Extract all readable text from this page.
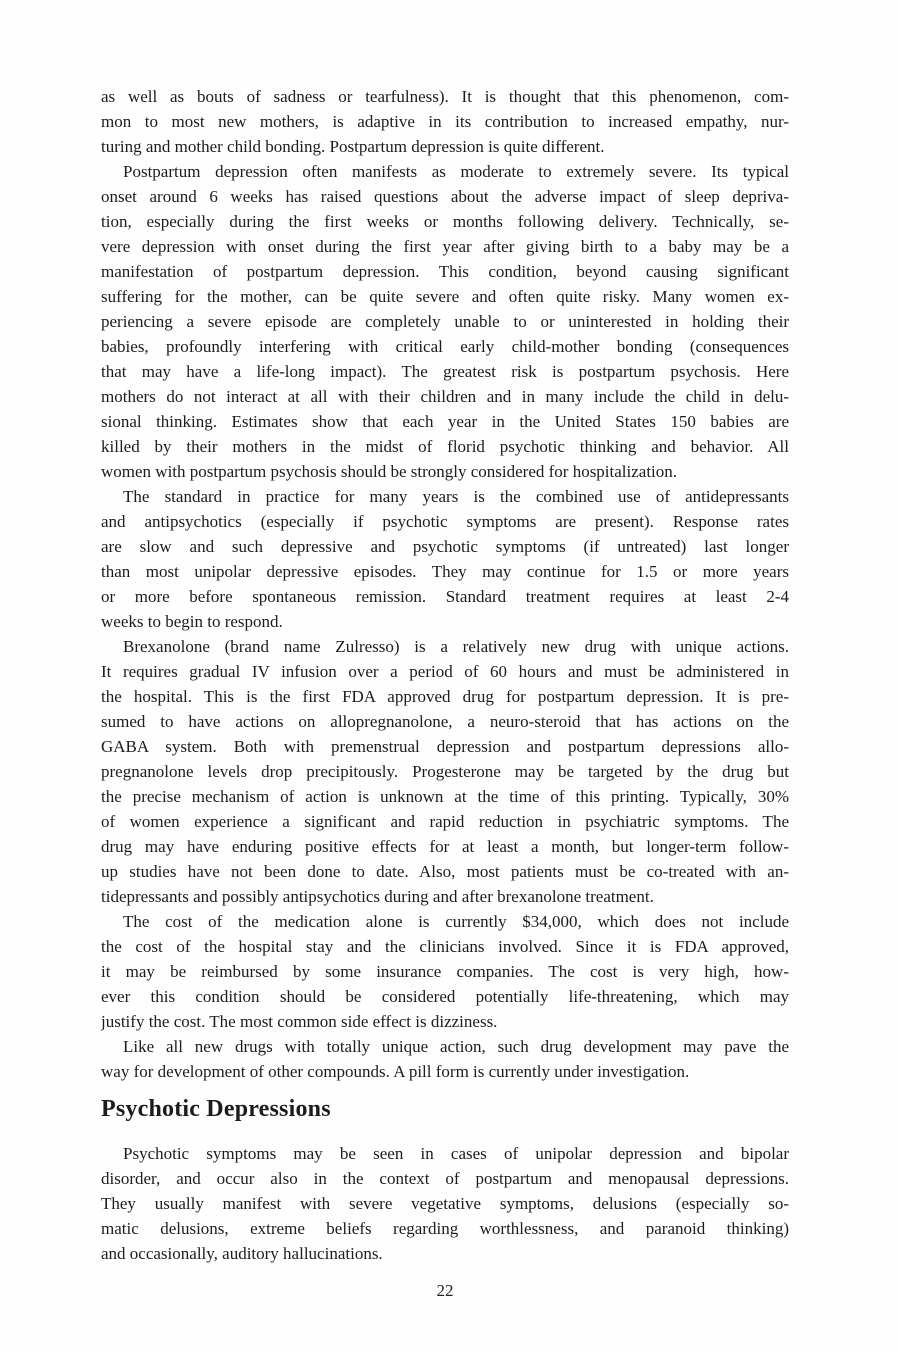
as well as bouts of sadness or tearfulness). It is thought that this phenomenon, com-
mon to most new mothers, is adaptive in its contribution to increased empathy, nur-
turing and mother child bonding. Postpartum depression is quite different.
Postpartum depression often manifests as moderate to extremely severe. Its typical
onset around 6 weeks has raised questions about the adverse impact of sleep depriva-
tion, especially during the first weeks or months following delivery. Technically, se-
vere depression with onset during the first year after giving birth to a baby may be a
manifestation of postpartum depression. This condition, beyond causing significant
suffering for the mother, can be quite severe and often quite risky. Many women ex-
periencing a severe episode are completely unable to or uninterested in holding their
babies, profoundly interfering with critical early child-mother bonding (consequences
that may have a life-long impact). The greatest risk is postpartum psychosis. Here
mothers do not interact at all with their children and in many include the child in delu-
sional thinking. Estimates show that each year in the United States 150 babies are
killed by their mothers in the midst of florid psychotic thinking and behavior. All
women with postpartum psychosis should be strongly considered for hospitalization.
The standard in practice for many years is the combined use of antidepressants
and antipsychotics (especially if psychotic symptoms are present). Response rates
are slow and such depressive and psychotic symptoms (if untreated) last longer
than most unipolar depressive episodes. They may continue for 1.5 or more years
or more before spontaneous remission. Standard treatment requires at least 2-4
weeks to begin to respond.
Brexanolone (brand name Zulresso) is a relatively new drug with unique actions.
It requires gradual IV infusion over a period of 60 hours and must be administered in
the hospital. This is the first FDA approved drug for postpartum depression. It is pre-
sumed to have actions on allopregnanolone, a neuro-steroid that has actions on the
GABA system. Both with premenstrual depression and postpartum depressions allo-
pregnanolone levels drop precipitously. Progesterone may be targeted by the drug but
the precise mechanism of action is unknown at the time of this printing. Typically, 30%
of women experience a significant and rapid reduction in psychiatric symptoms. The
drug may have enduring positive effects for at least a month, but longer-term follow-
up studies have not been done to date. Also, most patients must be co-treated with an-
tidepressants and possibly antipsychotics during and after brexanolone treatment.
The cost of the medication alone is currently $34,000, which does not include
the cost of the hospital stay and the clinicians involved. Since it is FDA approved,
it may be reimbursed by some insurance companies. The cost is very high, how-
ever this condition should be considered potentially life-threatening, which may
justify the cost. The most common side effect is dizziness.
Like all new drugs with totally unique action, such drug development may pave the
way for development of other compounds. A pill form is currently under investigation.
Psychotic Depressions
Psychotic symptoms may be seen in cases of unipolar depression and bipolar
disorder, and occur also in the context of postpartum and menopausal depressions.
They usually manifest with severe vegetative symptoms, delusions (especially so-
matic delusions, extreme beliefs regarding worthlessness, and paranoid thinking)
and occasionally, auditory hallucinations.
22
